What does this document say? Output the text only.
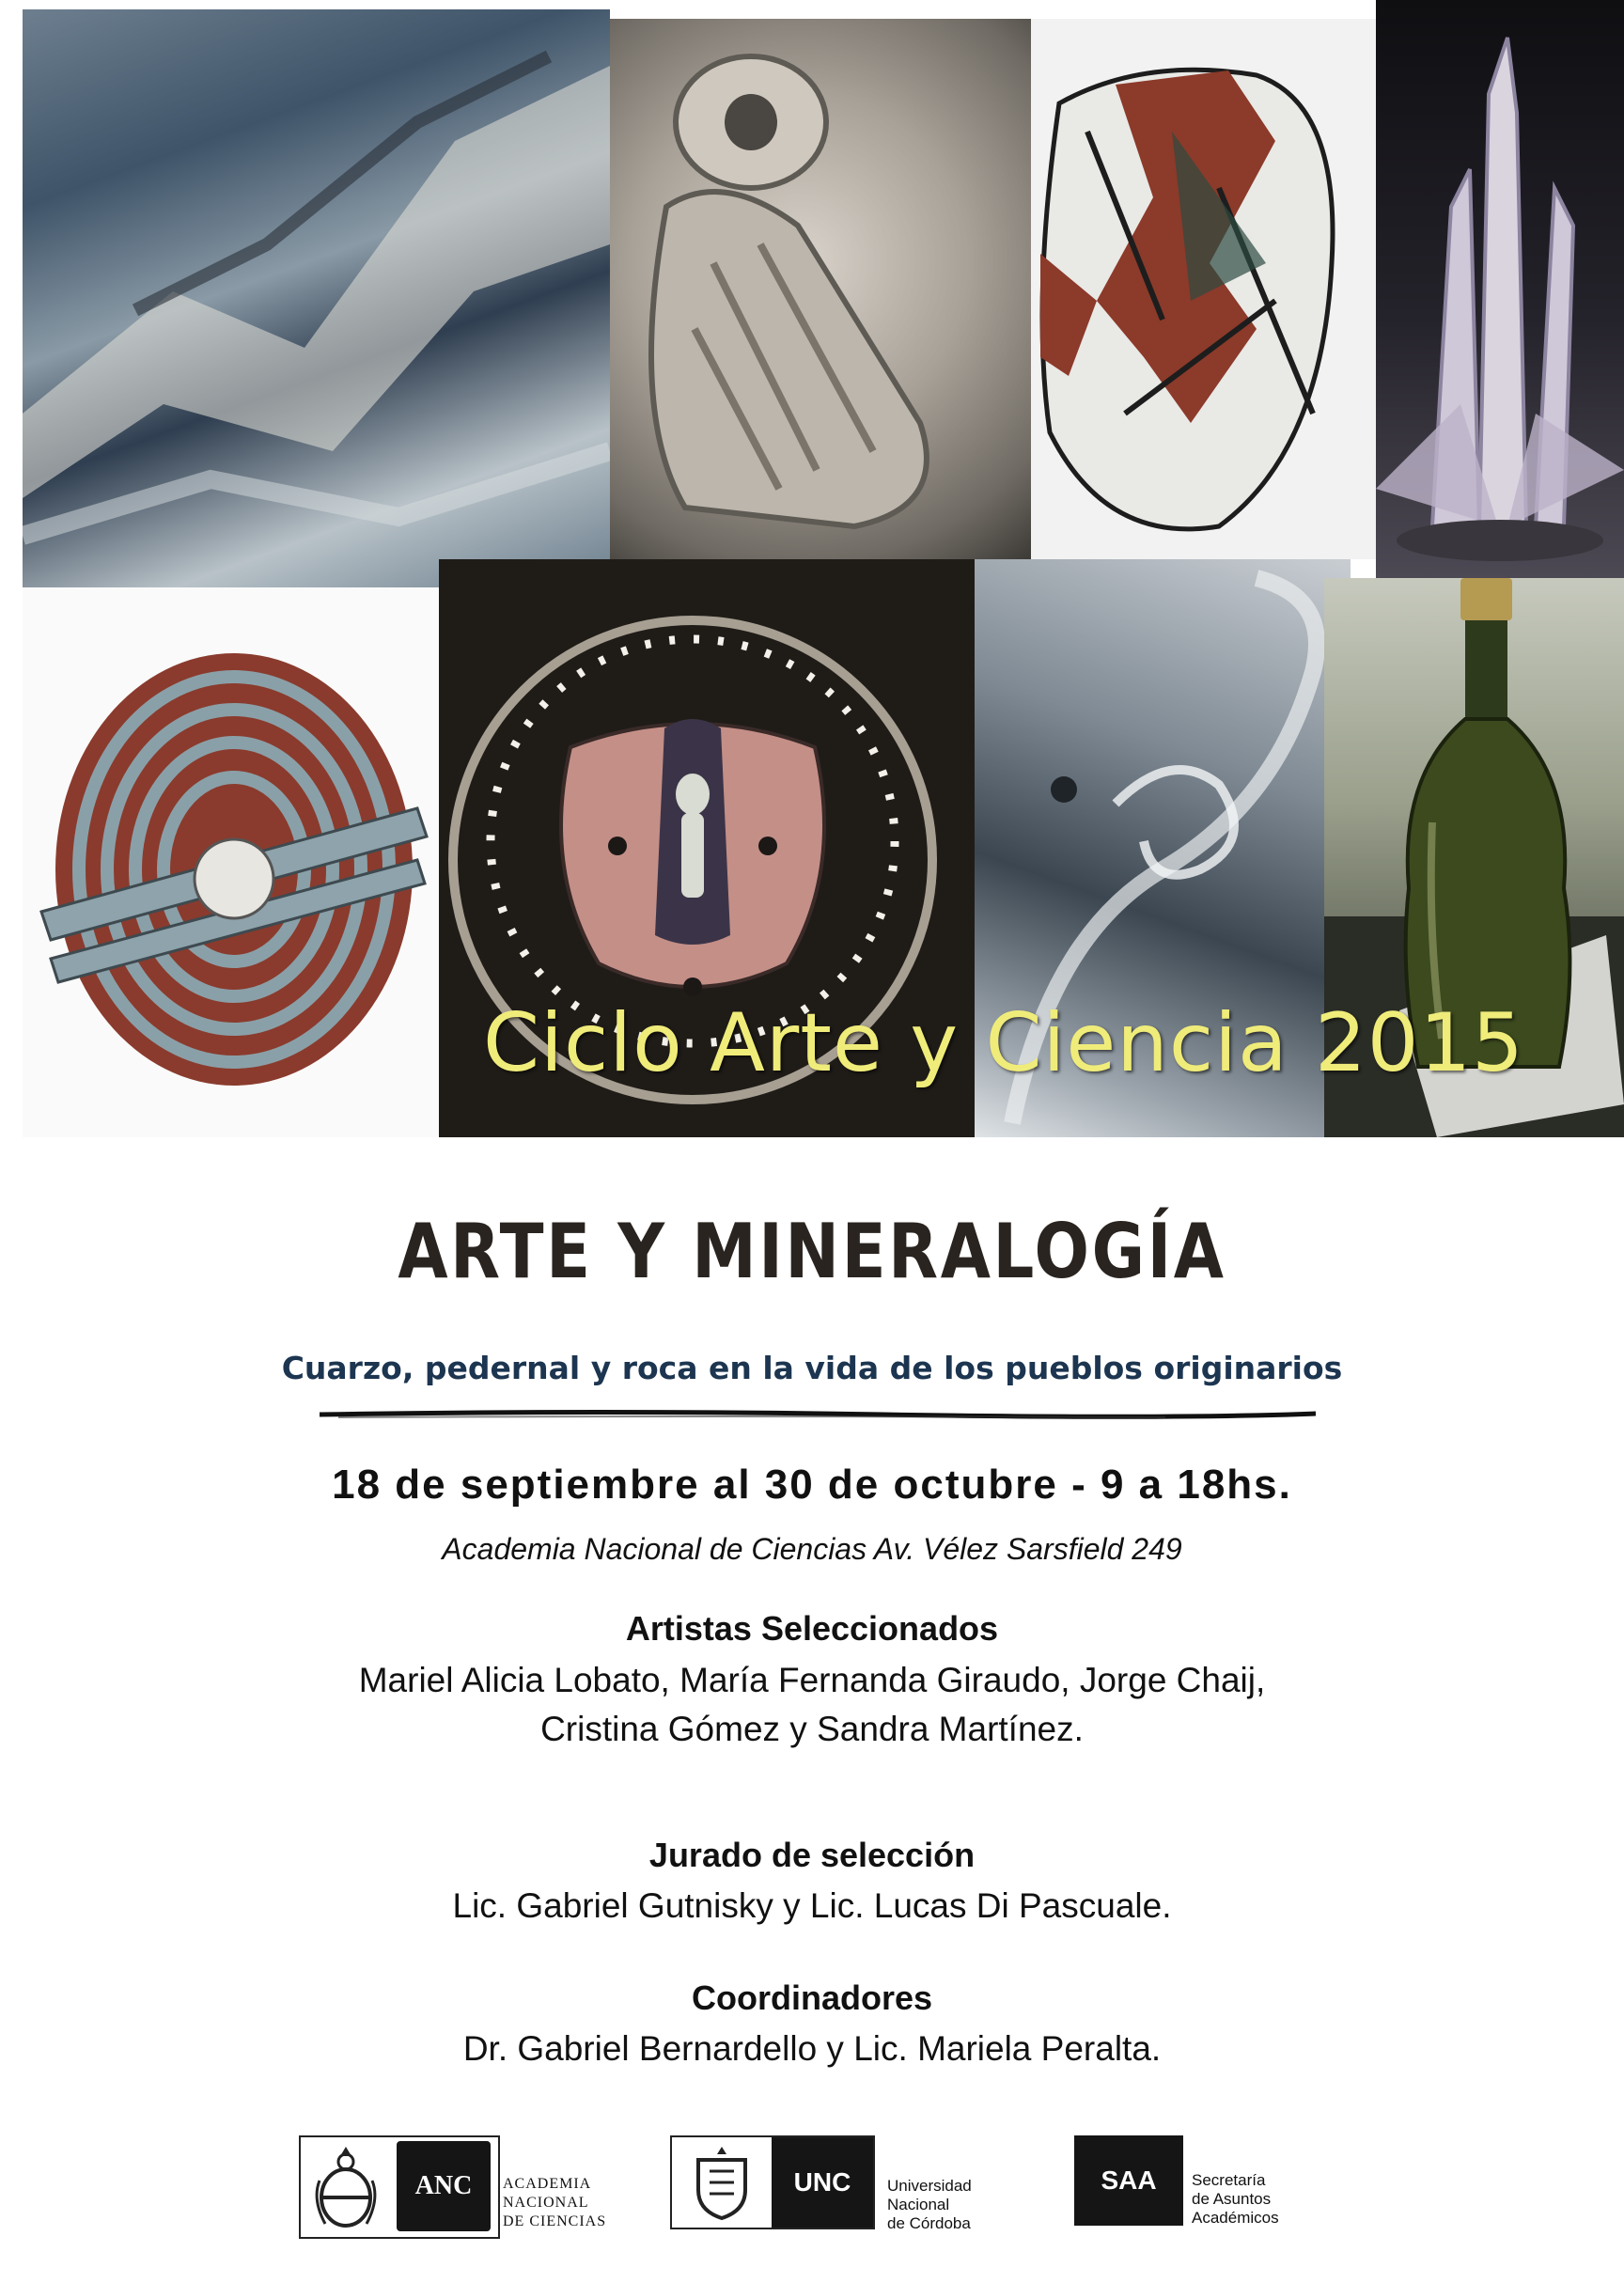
Ciclo Arte y Ciencia 2015
ARTE Y MINERALOGÍA
Cuarzo, pedernal y roca en la vida de los pueblos originarios
18 de septiembre al 30 de octubre - 9 a 18hs.
Academia Nacional de Ciencias Av. Vélez Sarsfield 249
Artistas Seleccionados
Mariel Alicia Lobato, María Fernanda Giraudo, Jorge Chaij,
Cristina Gómez y Sandra Martínez.
Jurado de selección
Lic. Gabriel Gutnisky y Lic. Lucas Di Pascuale.
Coordinadores
Dr. Gabriel Bernardello y Lic. Mariela Peralta.
ANC	ACADEMIA
NACIONAL
DE CIENCIAS
UNC	Universidad
Nacional
de Córdoba
SAA	Secretaría
de Asuntos
Académicos
